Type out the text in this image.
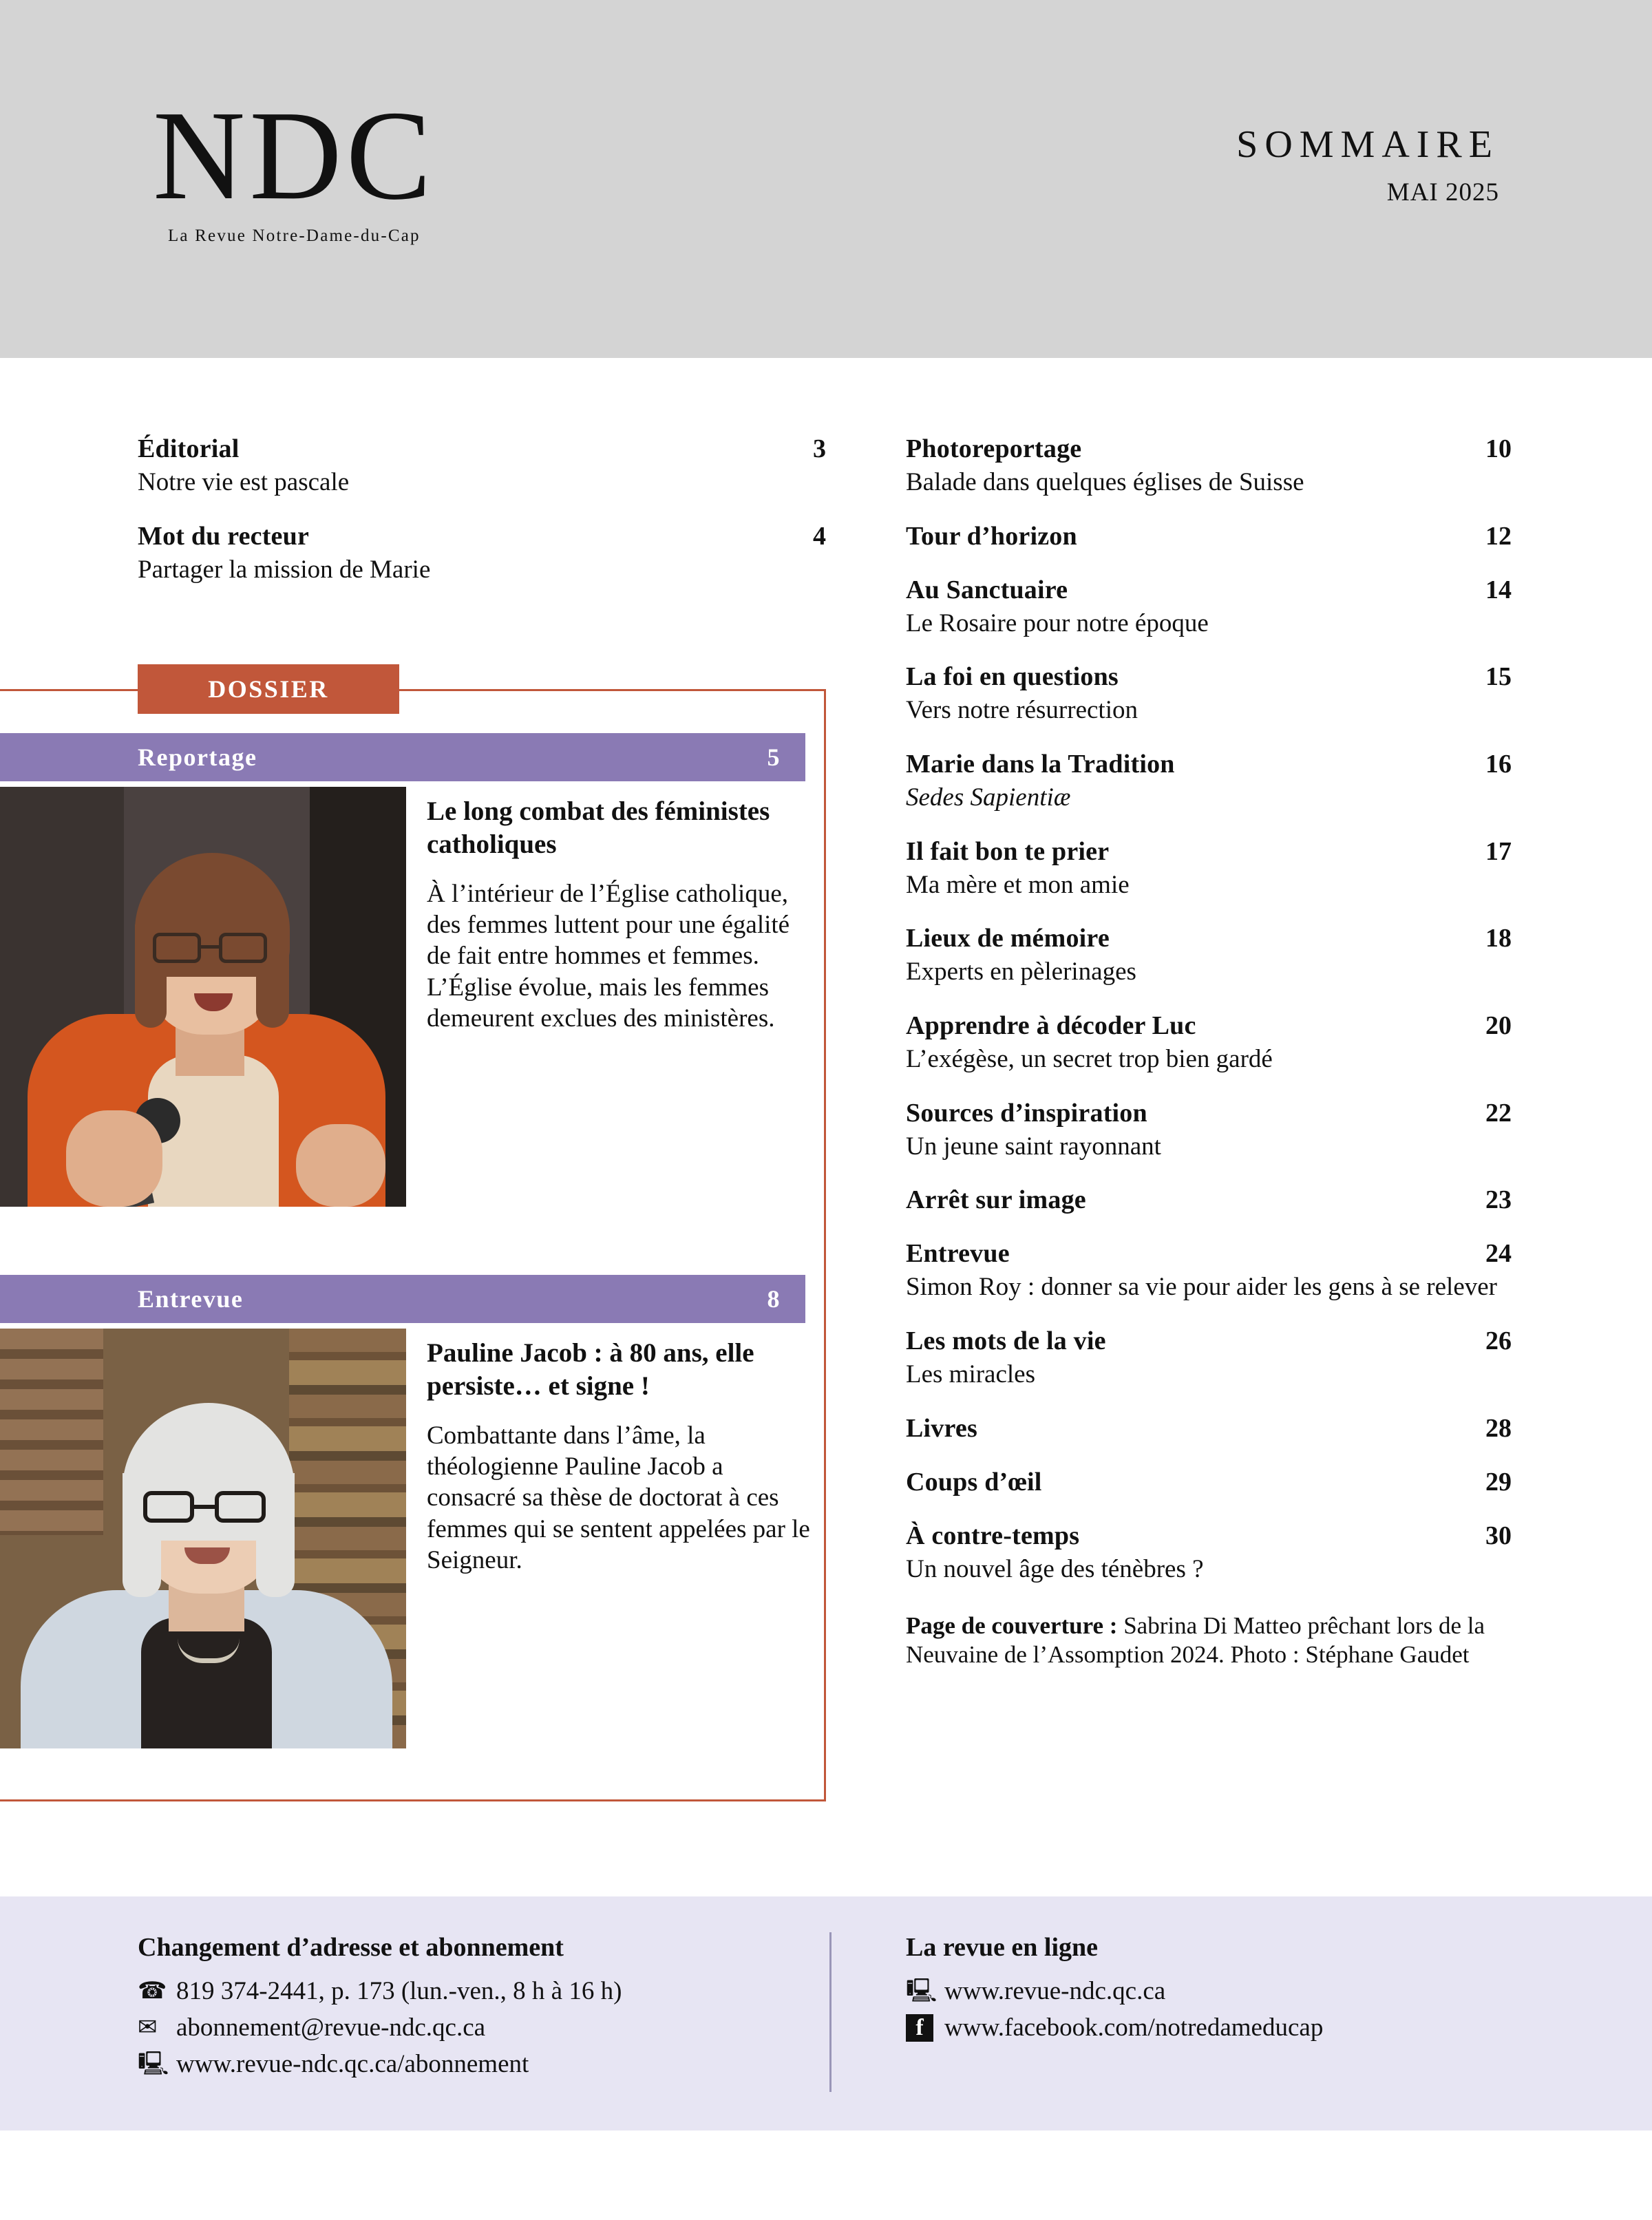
NDC
La Revue Notre-Dame-du-Cap
SOMMAIRE
MAI 2025
Éditorial	3
Notre vie est pascale
Mot du recteur	4
Partager la mission de Marie
DOSSIER
Reportage	5
Le long combat des féministes catholiques
À l’intérieur de l’Église catholique, des femmes luttent pour une égalité de fait entre hommes et femmes. L’Église évolue, mais les femmes demeurent exclues des ministères.
Entrevue	8
Pauline Jacob : à 80 ans, elle persiste… et signe !
Combattante dans l’âme, la théologienne Pauline Jacob a consacré sa thèse de doctorat à ces femmes qui se sentent appelées par le Seigneur.
Photoreportage	10
Balade dans quelques églises de Suisse
Tour d’horizon	12
Au Sanctuaire	14
Le Rosaire pour notre époque
La foi en questions	15
Vers notre résurrection
Marie dans la Tradition	16
Sedes Sapientiæ
Il fait bon te prier	17
Ma mère et mon amie
Lieux de mémoire	18
Experts en pèlerinages
Apprendre à décoder Luc	20
L’exégèse, un secret trop bien gardé
Sources d’inspiration	22
Un jeune saint rayonnant
Arrêt sur image	23
Entrevue	24
Simon Roy : donner sa vie pour aider les gens à se relever
Les mots de la vie	26
Les miracles
Livres	28
Coups d’œil	29
À contre-temps	30
Un nouvel âge des ténèbres ?
Page de couverture : Sabrina Di Matteo prêchant lors de la Neuvaine de l’Assomption 2024. Photo : Stéphane Gaudet
Changement d’adresse et abonnement
☎ 819 374-2441, p. 173 (lun.-ven., 8 h à 16 h)
✉ abonnement@revue-ndc.qc.ca
🖳 www.revue-ndc.qc.ca/abonnement
La revue en ligne
🖳 www.revue-ndc.qc.ca
f www.facebook.com/notredameducap
